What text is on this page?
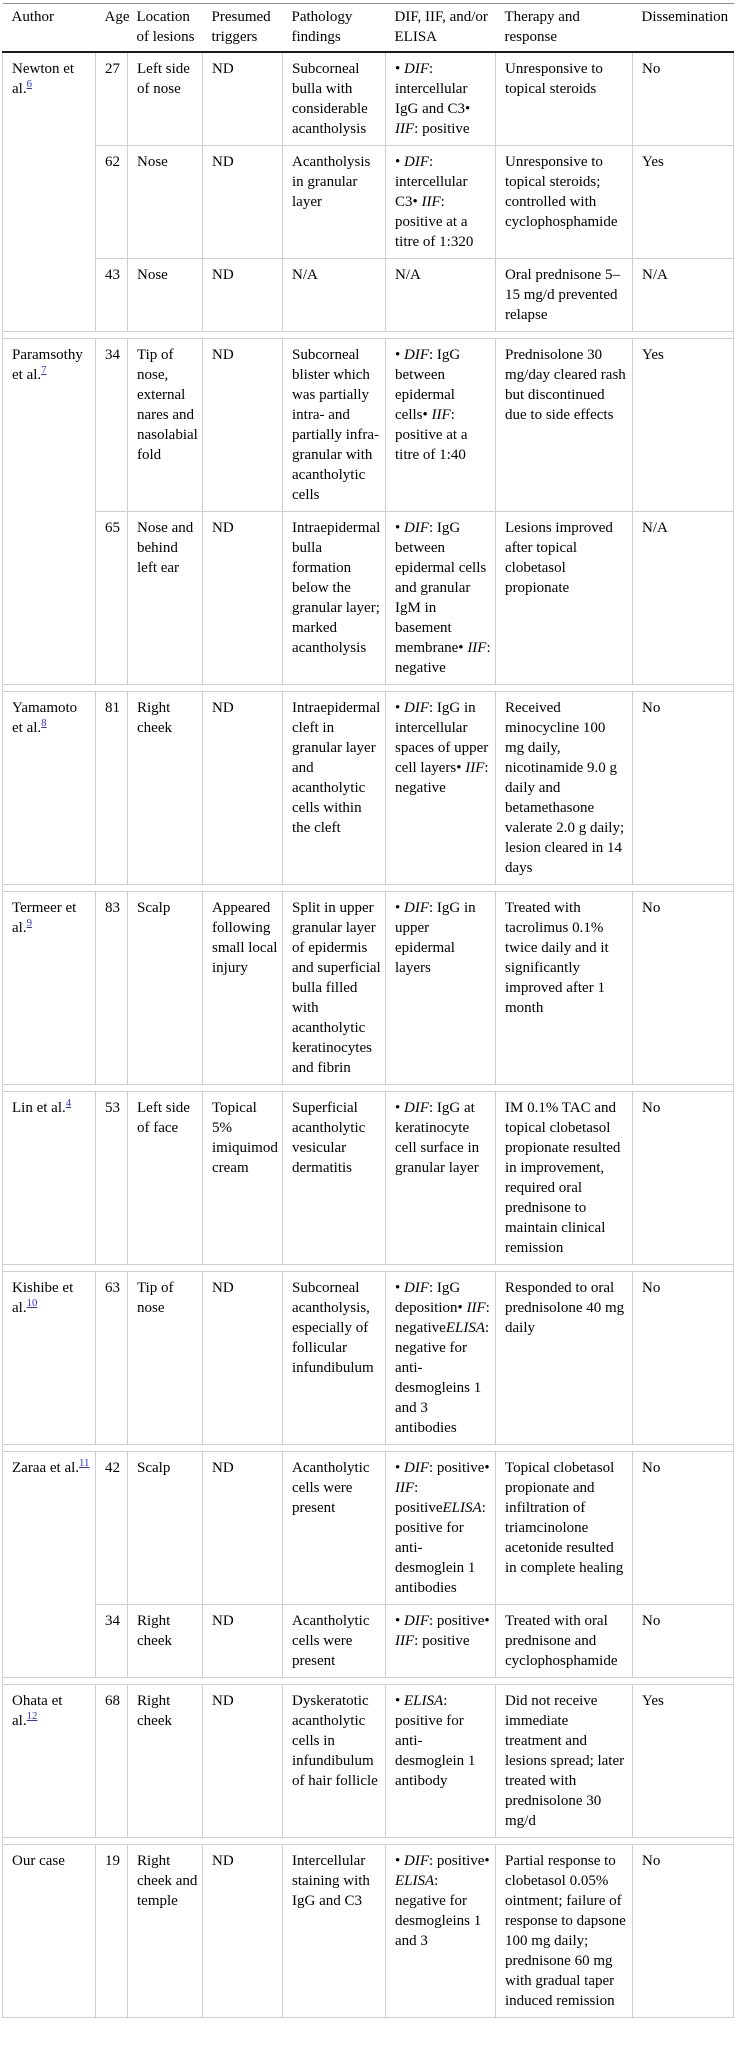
Author	Age	Location of lesions	Presumed triggers	Pathology findings	DIF, IIF, and/or ELISA	Therapy and response	Dissemination
Newton et al.$^6$	27	Left side of nose	ND	Subcorneal bulla with considerable acantholysis	• DIF: intercellular IgG and C3• IIF: positive	Unresponsive to topical steroids	No
	62	Nose	ND	Acantholysis in granular layer	• DIF: intercellular C3• IIF: positive at a titre of 1:320	Unresponsive to topical steroids; controlled with cyclophosphamide	Yes
	43	Nose	ND	N/A	N/A	Oral prednisone 5–15 mg/d prevented relapse	N/A

Paramsothy et al.$^7$	34	Tip of nose, external nares and nasolabial fold	ND	Subcorneal blister which was partially intra- and partially infra-granular with acantholytic cells	• DIF: IgG between epidermal cells• IIF: positive at a titre of 1:40	Prednisolone 30 mg/day cleared rash but discontinued due to side effects	Yes
	65	Nose and behind left ear	ND	Intraepidermal bulla formation below the granular layer; marked acantholysis	• DIF: IgG between epidermal cells and granular IgM in basement membrane• IIF: negative	Lesions improved after topical clobetasol propionate	N/A

Yamamoto et al.$^8$	81	Right cheek	ND	Intraepidermal cleft in granular layer and acantholytic cells within the cleft	• DIF: IgG in intercellular spaces of upper cell layers• IIF: negative	Received minocycline 100 mg daily, nicotinamide 9.0 g daily and betamethasone valerate 2.0 g daily; lesion cleared in 14 days	No

Termeer et al.$^9$	83	Scalp	Appeared following small local injury	Split in upper granular layer of epidermis and superficial bulla filled with acantholytic keratinocytes and fibrin	• DIF: IgG in upper epidermal layers	Treated with tacrolimus 0.1% twice daily and it significantly improved after 1 month	No

Lin et al.$^4$	53	Left side of face	Topical 5% imiquimod cream	Superficial acantholytic vesicular dermatitis	• DIF: IgG at keratinocyte cell surface in granular layer	IM 0.1% TAC and topical clobetasol propionate resulted in improvement, required oral prednisone to maintain clinical remission	No

Kishibe et al.$^{10}$	63	Tip of nose	ND	Subcorneal acantholysis, especially of follicular infundibulum	• DIF: IgG deposition• IIF: negativeELISA: negative for anti-desmogleins 1 and 3 antibodies	Responded to oral prednisolone 40 mg daily	No

Zaraa et al.$^{11}$	42	Scalp	ND	Acantholytic cells were present	• DIF: positive• IIF: positiveELISA: positive for anti-desmoglein 1 antibodies	Topical clobetasol propionate and infiltration of triamcinolone acetonide resulted in complete healing	No
	34	Right cheek	ND	Acantholytic cells were present	• DIF: positive• IIF: positive	Treated with oral prednisone and cyclophosphamide	No

Ohata et al.$^{12}$	68	Right cheek	ND	Dyskeratotic acantholytic cells in infundibulum of hair follicle	• ELISA: positive for anti-desmoglein 1 antibody	Did not receive immediate treatment and lesions spread; later treated with prednisolone 30 mg/d	Yes

Our case	19	Right cheek and temple	ND	Intercellular staining with IgG and C3	• DIF: positive• ELISA: negative for desmogleins 1 and 3	Partial response to clobetasol 0.05% ointment; failure of response to dapsone 100 mg daily; prednisone 60 mg with gradual taper induced remission	No
